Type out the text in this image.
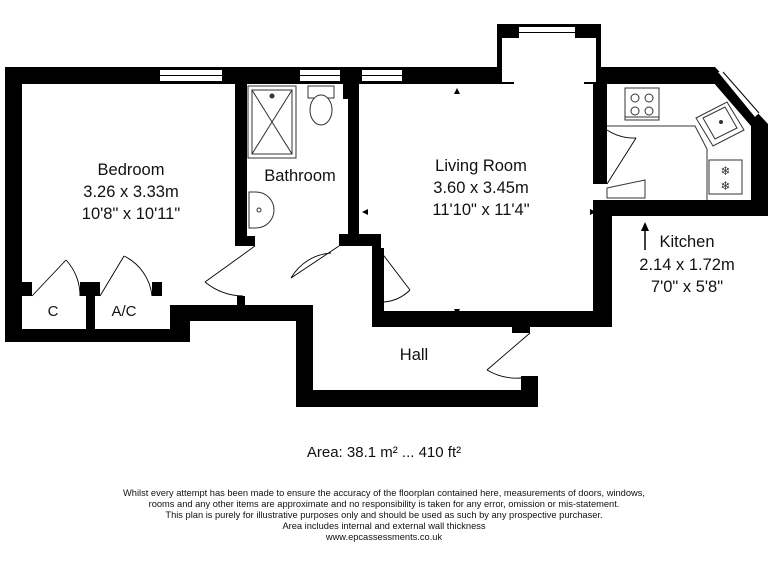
❄
❄
Bedroom
3.26 x 3.33m
10'8" x 10'11"
Bathroom
Living Room
3.60 x 3.45m
11'10" x 11'4"
Kitchen
2.14 x 1.72m
7'0" x 5'8"
Hall
C	A/C
Area: 38.1 m² ... 410 ft²
Whilst every attempt has been made to ensure the accuracy of the floorplan contained here, measurements of doors, windows,
rooms and any other items are approximate and no responsibility is taken for any error, omission or mis-statement.
This plan is purely for illustrative purposes only and should be used as such by any prospective purchaser.
Area includes internal and external wall thickness
www.epcassessments.co.uk
